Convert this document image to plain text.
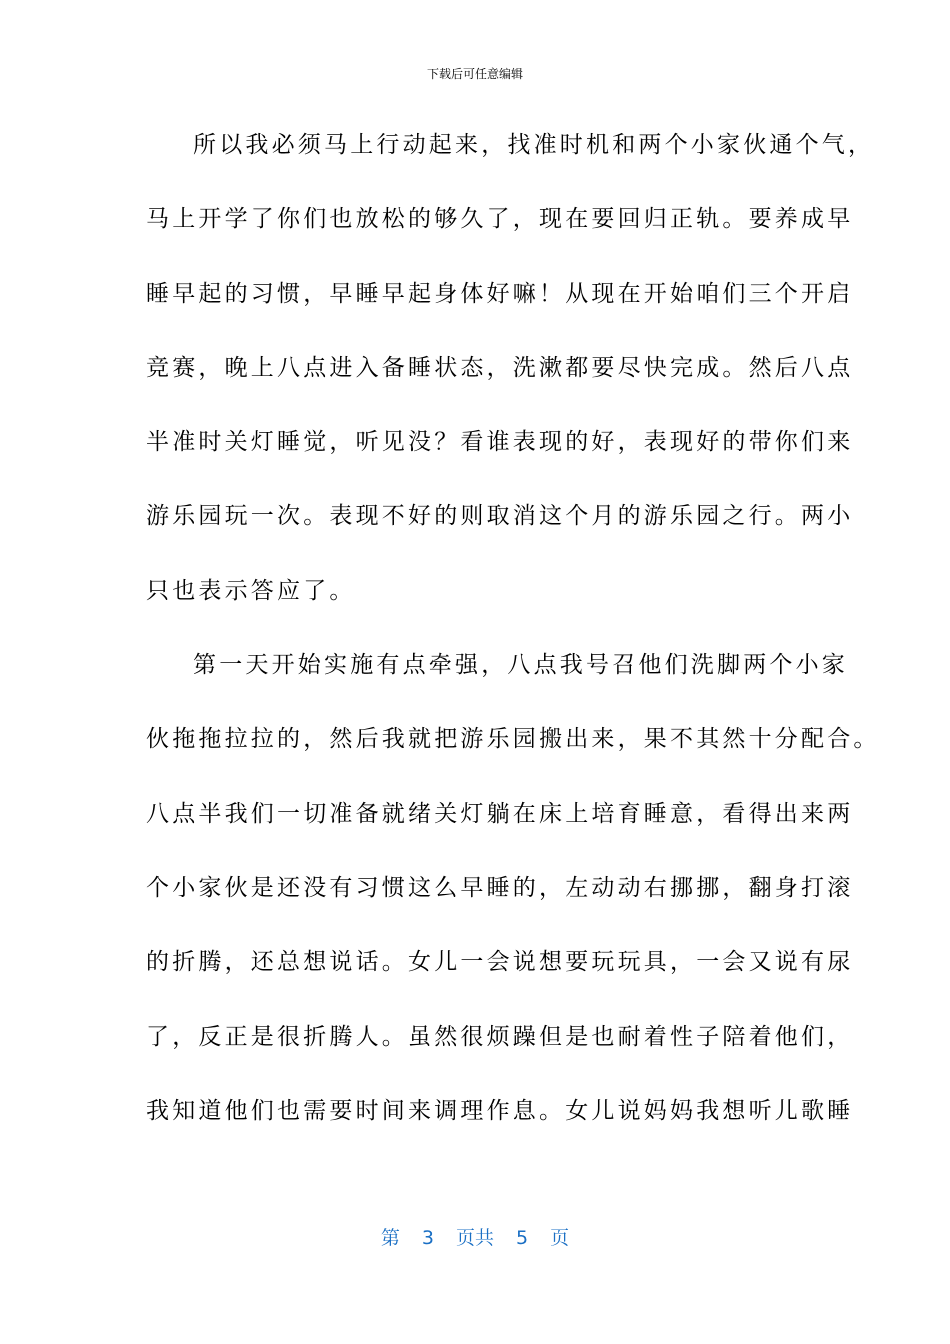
下载后可任意编辑
所以我必须马上行动起来，找准时机和两个小家伙通个气，
马上开学了你们也放松的够久了，现在要回归正轨。要养成早
睡早起的习惯，早睡早起身体好嘛！从现在开始咱们三个开启
竞赛，晚上八点进入备睡状态，洗漱都要尽快完成。然后八点
半准时关灯睡觉，听见没？看谁表现的好，表现好的带你们来
游乐园玩一次。表现不好的则取消这个月的游乐园之行。两小
只也表示答应了。
第一天开始实施有点牵强，八点我号召他们洗脚两个小家
伙拖拖拉拉的，然后我就把游乐园搬出来，果不其然十分配合。
八点半我们一切准备就绪关灯躺在床上培育睡意，看得出来两
个小家伙是还没有习惯这么早睡的，左动动右挪挪，翻身打滚
的折腾，还总想说话。女儿一会说想要玩玩具，一会又说有尿
了，反正是很折腾人。虽然很烦躁但是也耐着性子陪着他们，
我知道他们也需要时间来调理作息。女儿说妈妈我想听儿歌睡
第 3 页共 5 页
